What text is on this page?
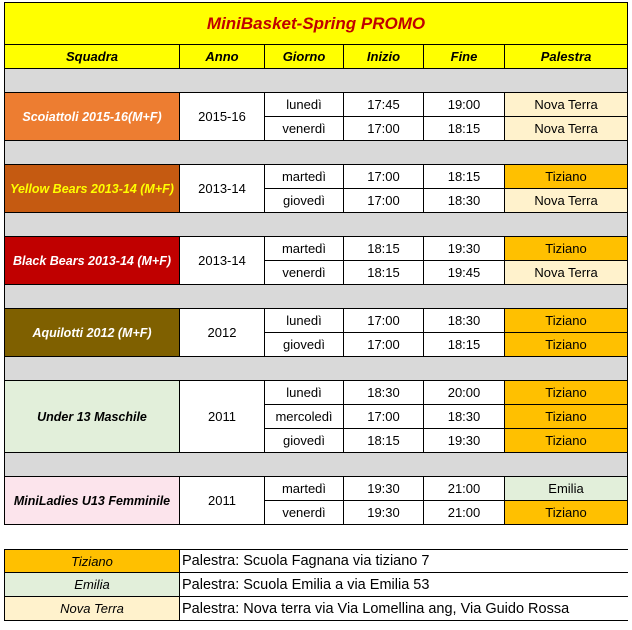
MiniBasket-Spring PROMO
Squadra	Anno	Giorno	Inizio	Fine	Palestra
Scoiattoli 2015-16(M+F)	2015-16
lunedì	17:45	19:00	Nova Terra
venerdì	17:00	18:15	Nova Terra
Yellow Bears 2013-14 (M+F)	2013-14
martedì	17:00	18:15	Tiziano
giovedì	17:00	18:30	Nova Terra
Black Bears 2013-14 (M+F)	2013-14
martedì	18:15	19:30	Tiziano
venerdì	18:15	19:45	Nova Terra
Aquilotti 2012 (M+F)	2012
lunedì	17:00	18:30	Tiziano
giovedì	17:00	18:15	Tiziano
Under 13 Maschile	2011
lunedì	18:30	20:00	Tiziano
mercoledì	17:00	18:30	Tiziano
giovedì	18:15	19:30	Tiziano
MiniLadies U13 Femminile	2011
martedì	19:30	21:00	Emilia
venerdì	19:30	21:00	Tiziano
Tiziano	Palestra: Scuola Fagnana via tiziano 7
Emilia	Palestra: Scuola Emilia a via Emilia 53
Nova Terra	Palestra: Nova terra via Via Lomellina ang, Via Guido Rossa
